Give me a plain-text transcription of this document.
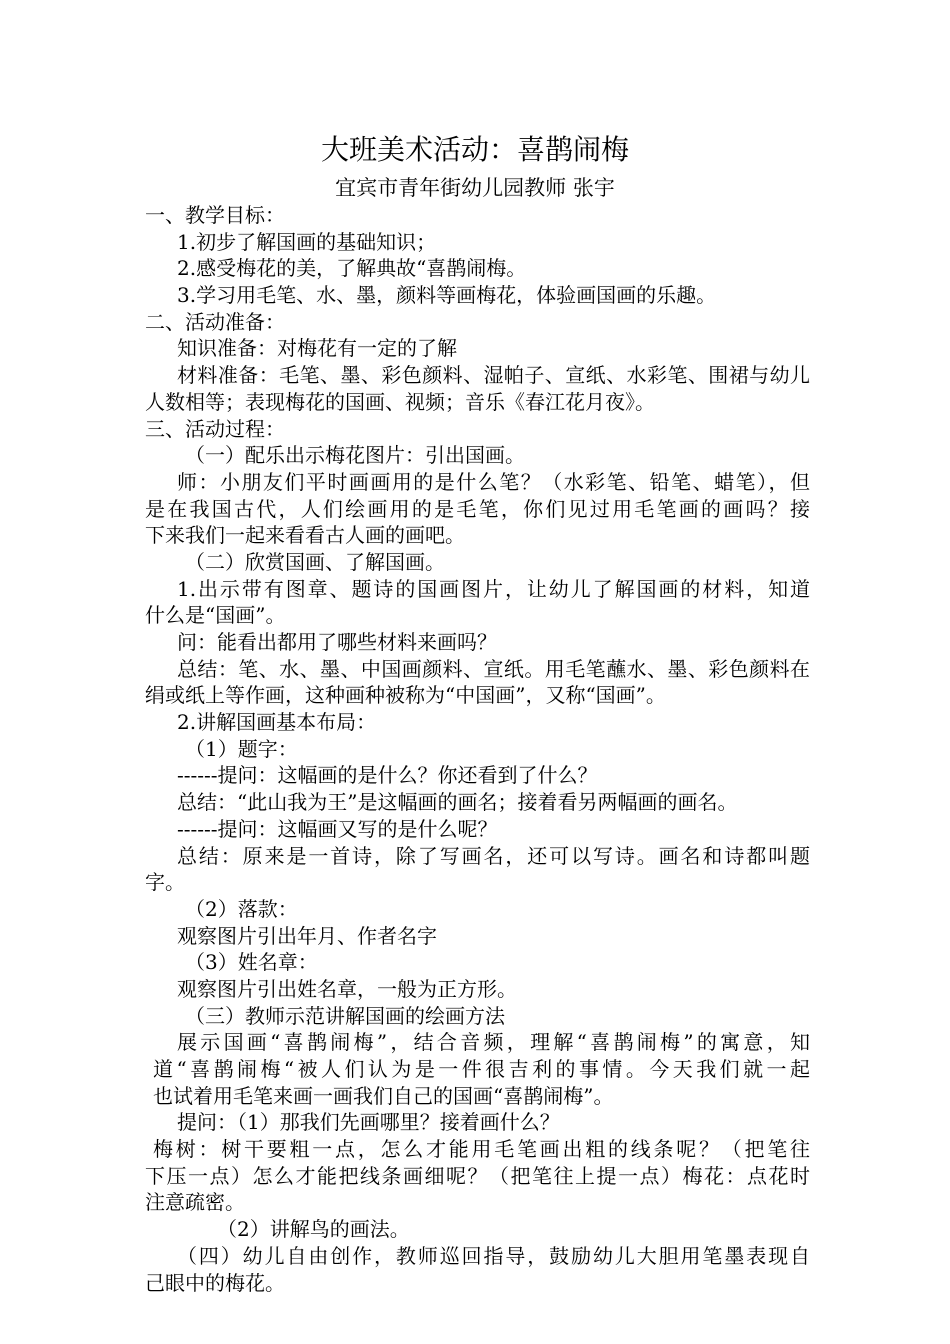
大班美术活动：喜鹊闹梅
宜宾市青年街幼儿园教师 张宇
一、教学目标：
1.初步了解国画的基础知识；
2.感受梅花的美，了解典故“喜鹊闹梅。
3.学习用毛笔、水、墨，颜料等画梅花，体验画国画的乐趣。
二、活动准备：
知识准备：对梅花有一定的了解
材料准备：毛笔、墨、彩色颜料、湿帕子、宣纸、水彩笔、围裙与幼儿
人数相等；表现梅花的国画、视频；音乐《春江花月夜》。
三、活动过程：
（一）配乐出示梅花图片：引出国画。
师：小朋友们平时画画用的是什么笔？（水彩笔、铅笔、蜡笔），但
是在我国古代，人们绘画用的是毛笔，你们见过用毛笔画的画吗？接
下来我们一起来看看古人画的画吧。
（二）欣赏国画、了解国画。
1.出示带有图章、题诗的国画图片，让幼儿了解国画的材料，知道
什么是“国画”。
问：能看出都用了哪些材料来画吗？
总结：笔、水、墨、中国画颜料、宣纸。用毛笔蘸水、墨、彩色颜料在
绢或纸上等作画，这种画种被称为“中国画”，又称“国画”。
2.讲解国画基本布局：
（1）题字：
------提问：这幅画的是什么？你还看到了什么？
总结：“此山我为王”是这幅画的画名；接着看另两幅画的画名。
------提问：这幅画又写的是什么呢？
总结：原来是一首诗，除了写画名，还可以写诗。画名和诗都叫题
字。
（2）落款：
观察图片引出年月、作者名字
（3）姓名章：
观察图片引出姓名章，一般为正方形。
（三）教师示范讲解国画的绘画方法
展示国画“喜鹊闹梅”，结合音频，理解“喜鹊闹梅”的寓意，知
道“喜鹊闹梅“被人们认为是一件很吉利的事情。今天我们就一起
也试着用毛笔来画一画我们自己的国画“喜鹊闹梅”。
提问：（1）那我们先画哪里？接着画什么？
梅树：树干要粗一点，怎么才能用毛笔画出粗的线条呢？（把笔往
下压一点）怎么才能把线条画细呢？（把笔往上提一点）梅花：点花时
注意疏密。
（2）讲解鸟的画法。
（四）幼儿自由创作，教师巡回指导，鼓励幼儿大胆用笔墨表现自
己眼中的梅花。
